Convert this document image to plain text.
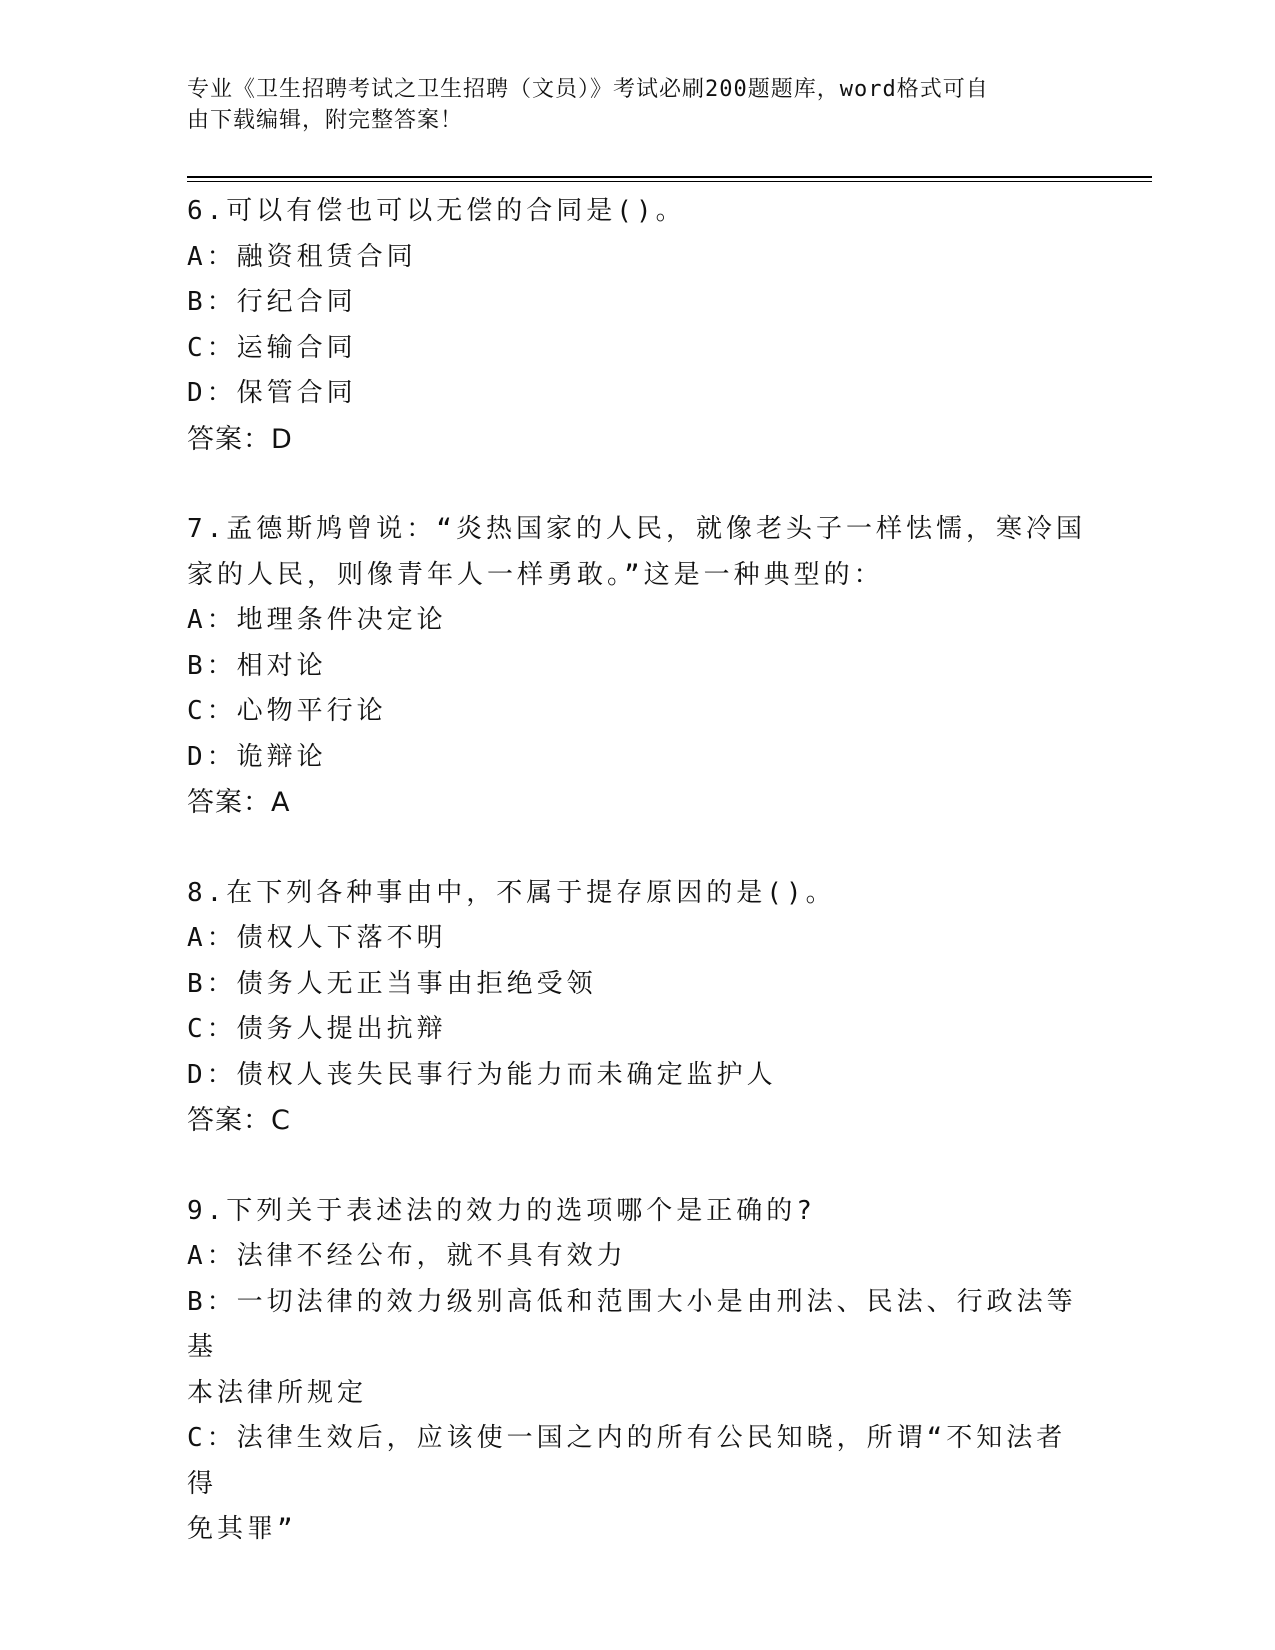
专业《卫生招聘考试之卫生招聘（文员）》考试必刷200题题库，word格式可自
由下载编辑，附完整答案！
6.可以有偿也可以无偿的合同是()。
A：融资租赁合同
B：行纪合同
C：运输合同
D：保管合同
答案：D
7.孟德斯鸠曾说：“炎热国家的人民，就像老头子一样怯懦，寒冷国
家的人民，则像青年人一样勇敢。”这是一种典型的：
A：地理条件决定论
B：相对论
C：心物平行论
D：诡辩论
答案：A
8.在下列各种事由中，不属于提存原因的是()。
A：债权人下落不明
B：债务人无正当事由拒绝受领
C：债务人提出抗辩
D：债权人丧失民事行为能力而未确定监护人
答案：C
9.下列关于表述法的效力的选项哪个是正确的?
A：法律不经公布，就不具有效力
B：一切法律的效力级别高低和范围大小是由刑法、民法、行政法等基
本法律所规定
C：法律生效后，应该使一国之内的所有公民知晓，所谓“不知法者得
免其罪”
